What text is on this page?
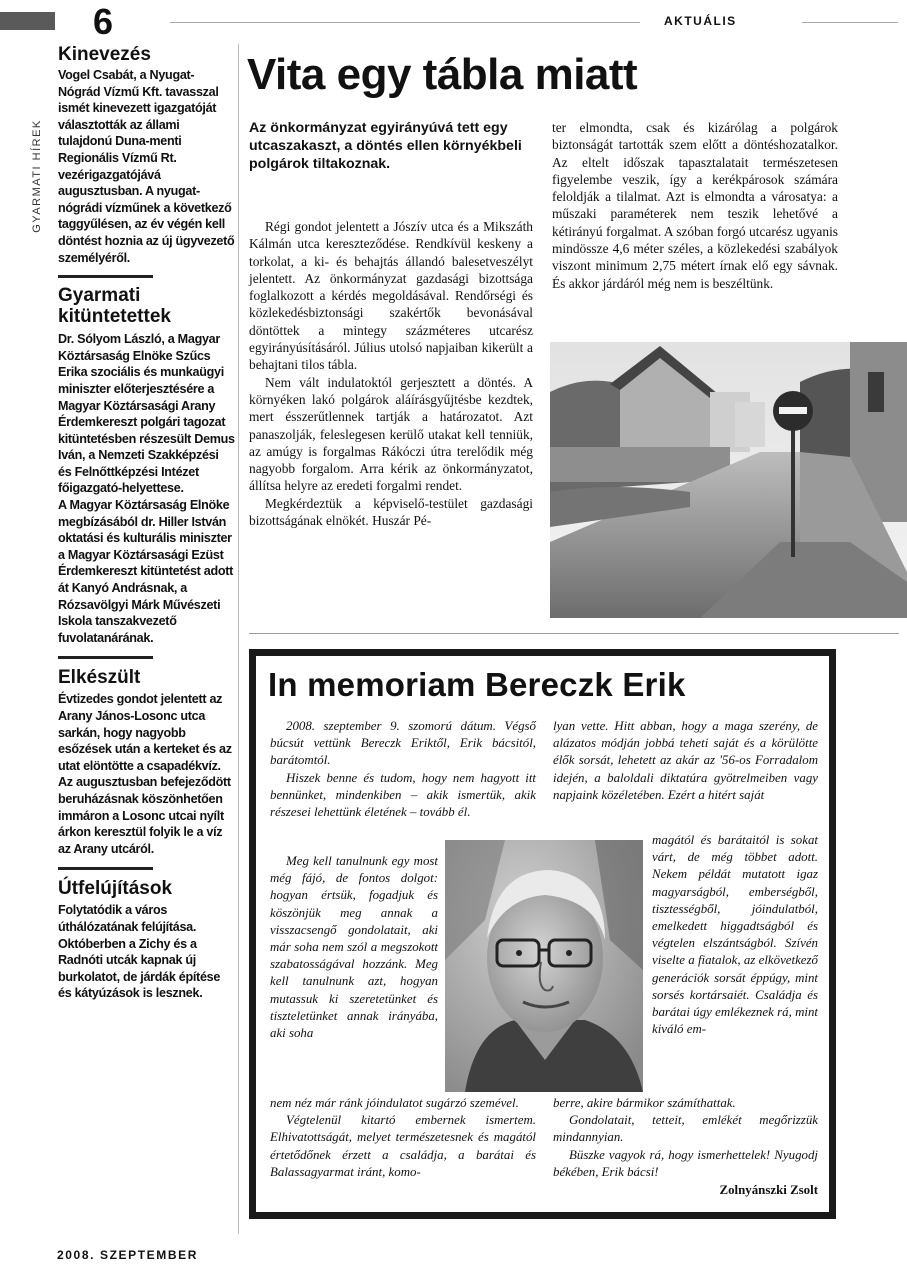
6	AKTUÁLIS
GYARMATI HÍREK
Kinevezés

Vogel Csabát, a Nyugat-Nógrád Vízmű Kft. tavasszal ismét kinevezett igazgatóját választották az állami tulajdonú Duna-menti Regionális Vízmű Rt. vezérigazgatójává augusztusban. A nyugat-nógrádi vízműnek a következő taggyűlésen, az év végén kell döntést hoznia az új ügyvezető személyéről.

Gyarmati kitüntetettek

Dr. Sólyom László, a Magyar Köztársaság Elnöke Szűcs Erika szociális és munkaügyi miniszter előterjesztésére a Magyar Köztársasági Arany Érdemkereszt polgári tagozat kitüntetésben részesült Demus Iván, a Nemzeti Szakképzési és Felnőttképzési Intézet főigazgató-helyettese.

A Magyar Köztársaság Elnöke megbízásából dr. Hiller István oktatási és kulturális miniszter a Magyar Köztársasági Ezüst Érdemkereszt kitüntetést adott át Kanyó Andrásnak, a Rózsavölgyi Márk Művészeti Iskola tanszakvezető fuvolatanárának.

Elkészült

Évtizedes gondot jelentett az Arany János-Losonc utca sarkán, hogy nagyobb esőzések után a kerteket és az utat elöntötte a csapadékvíz. Az augusztusban befejeződött beruházásnak köszönhetően immáron a Losonc utcai nyílt árkon keresztül folyik le a víz az Arany utcáról.

Útfelújítások

Folytatódik a város úthálózatának felújítása. Októberben a Zichy és a Radnóti utcák kapnak új burkolatot, de járdák építése és kátyúzások is lesznek.

Vita egy tábla miatt
Az önkormányzat egyirányúvá tett egy utcaszakaszt, a döntés ellen környékbeli polgárok tiltakoznak.

Régi gondot jelentett a Jószív utca és a Mikszáth Kálmán utca kereszteződése. Rendkívül keskeny a torkolat, a ki- és behajtás állandó balesetveszélyt jelentett. Az önkormányzat gazdasági bizottsága foglalkozott a kérdés megoldásával. Rendőrségi és közlekedésbiztonsági szakértők bevonásával döntöttek a mintegy százméteres utcarész egyirányúsításáról. Július utolsó napjaiban kikerült a behajtani tilos tábla.

Nem vált indulatoktól gerjesztett a döntés. A környéken lakó polgárok aláírásgyűjtésbe kezdtek, mert ésszerűtlennek tartják a határozatot. Azt panaszolják, feleslegesen kerülő utakat kell tenniük, az amúgy is forgalmas Rákóczi útra terelődik még nagyobb forgalom. Arra kérik az önkormányzatot, állítsa helyre az eredeti forgalmi rendet.

Megkérdeztük a képviselő-testület gazdasági bizottságának elnökét. Huszár Pé-

ter elmondta, csak és kizárólag a polgárok biztonságát tartották szem előtt a döntéshozatalkor. Az eltelt időszak tapasztalatait természetesen figyelembe veszik, így a kerékpárosok számára feloldják a tilalmat. Azt is elmondta a városatya: a műszaki paraméterek nem teszik lehetővé a kétirányú forgalmat. A szóban forgó utcarész ugyanis mindössze 4,6 méter széles, a közlekedési szabályok viszont minimum 2,75 métert írnak elő egy sávnak. És akkor járdáról még nem is beszéltünk.

In memoriam Bereczk Erik

2008. szeptember 9. szomorú dátum. Végső búcsút vettünk Bereczk Eriktől, Erik bácsitól, barátomtól.

Hiszek benne és tudom, hogy nem hagyott itt bennünket, mindenkiben – akik ismertük, akik részesei lehettünk életének – tovább él.

Meg kell tanulnunk egy most még fájó, de fontos dolgot: hogyan értsük, fogadjuk és köszönjük meg annak a visszacsengő gondolatait, aki már soha nem szól a megszokott szabatosságával hozzánk. Meg kell tanulnunk azt, hogyan mutassuk ki szeretetünket és tiszteletünket annak irányába, aki soha

nem néz már ránk jóindulatot sugárzó szemével.

Végtelenül kitartó embernek ismertem. Elhivatottságát, melyet természetesnek és magától értetődőnek érzett a családja, a barátai és Balassagyarmat iránt, komo-

lyan vette. Hitt abban, hogy a maga szerény, de alázatos módján jobbá teheti saját és a körülötte élők sorsát, lehetett az akár az '56-os Forradalom idején, a baloldali diktatúra gyötrelmeiben vagy napjaink közéletében. Ezért a hitért saját

magától és barátaitól is sokat várt, de még többet adott. Nekem példát mutatott igaz magyarságból, emberségből, tisztességből, jóindulatból, emelkedett higgadtságból és végtelen elszántságból. Szívén viselte a fiatalok, az elkövetkező generációk sorsát éppúgy, mint sorsés kortársaiét. Családja és barátai úgy emlékeznek rá, mint kiváló em-

berre, akire bármikor számíthattak.

Gondolatait, tetteit, emlékét megőrizzük mindannyian.

Büszke vagyok rá, hogy ismerhettelek! Nyugodj békében, Erik bácsi!

Zolnyánszki Zsolt

2008. SZEPTEMBER
